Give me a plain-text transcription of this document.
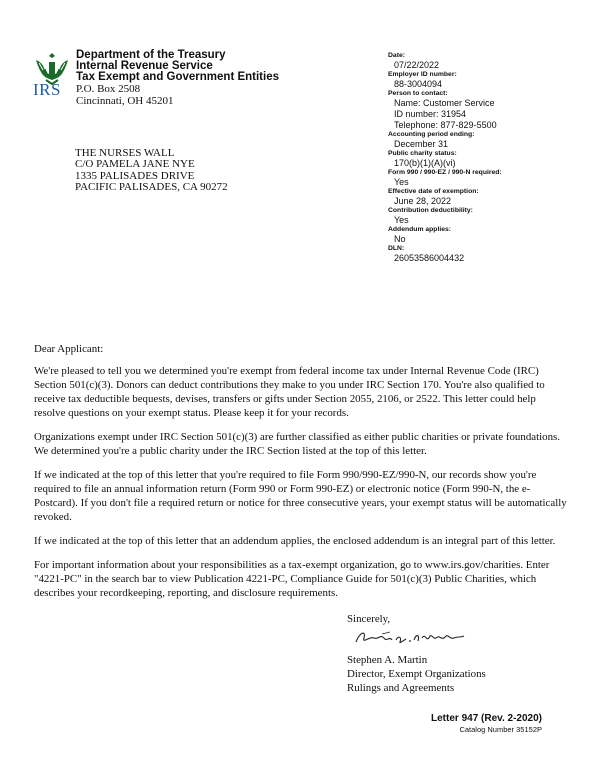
IRS
Department of the Treasury
Internal Revenue Service
Tax Exempt and Government Entities
P.O. Box 2508
Cincinnati, OH 45201
THE NURSES WALL
C/O PAMELA JANE NYE
1335 PALISADES DRIVE
PACIFIC PALISADES, CA 90272
Date:
07/22/2022
Employer ID number:
88-3004094
Person to contact:
Name: Customer Service
ID number: 31954
Telephone: 877-829-5500
Accounting period ending:
December 31
Public charity status:
170(b)(1)(A)(vi)
Form 990 / 990-EZ / 990-N required:
Yes
Effective date of exemption:
June 28, 2022
Contribution deductibility:
Yes
Addendum applies:
No
DLN:
26053586004432

Dear Applicant:

We're pleased to tell you we determined you're exempt from federal income tax under Internal Revenue Code (IRC) Section 501(c)(3). Donors can deduct contributions they make to you under IRC Section 170. You're also qualified to receive tax deductible bequests, devises, transfers or gifts under Section 2055, 2106, or 2522. This letter could help resolve questions on your exempt status. Please keep it for your records.

Organizations exempt under IRC Section 501(c)(3) are further classified as either public charities or private foundations. We determined you're a public charity under the IRC Section listed at the top of this letter.

If we indicated at the top of this letter that you're required to file Form 990/990-EZ/990-N, our records show you're required to file an annual information return (Form 990 or Form 990-EZ) or electronic notice (Form 990-N, the e-Postcard). If you don't file a required return or notice for three consecutive years, your exempt status will be automatically revoked.

If we indicated at the top of this letter that an addendum applies, the enclosed addendum is an integral part of this letter.

For important information about your responsibilities as a tax-exempt organization, go to www.irs.gov/charities. Enter "4221-PC" in the search bar to view Publication 4221-PC, Compliance Guide for 501(c)(3) Public Charities, which describes your recordkeeping, reporting, and disclosure requirements.

Sincerely,
Stephen A. Martin
Director, Exempt Organizations
Rulings and Agreements
Letter 947 (Rev. 2-2020)
Catalog Number 35152P
